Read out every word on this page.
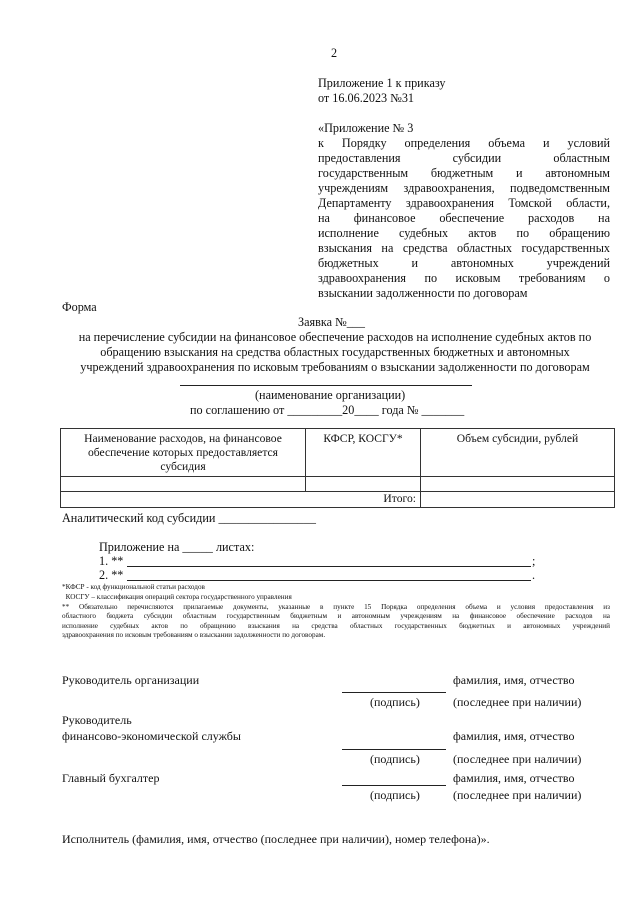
2
Приложение 1 к приказу
от 16.06.2023 №31
«Приложение № 3
к Порядку определения объема и условий
предоставления субсидии областным
государственным бюджетным и автономным
учреждениям здравоохранения, подведомственным
Департаменту здравоохранения Томской области,
на финансовое обеспечение расходов на
исполнение судебных актов по обращению
взыскания на средства областных государственных
бюджетных и автономных учреждений
здравоохранения по исковым требованиям о
взыскании задолженности по договорам
Форма
Заявка №___
на перечисление субсидии на финансовое обеспечение расходов на исполнение судебных актов по
обращению взыскания на средства областных государственных бюджетных и автономных
учреждений здравоохранения по исковым требованиям о взыскании задолженности по договорам
(наименование организации)
по соглашению от _________20____ года № _______
Наименование расходов, на финансовое обеспечение которых предоставляется субсидия	КФСР, КОСГУ*	Объем субсидии, рублей

Итого:		
Аналитический код субсидии ________________
Приложение на _____ листах:
1. **	;
2. **	.
*КФСР - код функциональной статьи расходов
КОСГУ – классификация операций сектора государственного управления
** Обязательно перечисляются прилагаемые документы, указанные в пункте 15 Порядка определения объема и условия предоставления из
областного бюджета субсидии областным государственным бюджетным и автономным учреждениям на финансовое обеспечение расходов на
исполнение судебных актов по обращению взыскания на средства областных государственных бюджетных и автономных учреждений
здравоохранения по исковым требованиям о взыскании задолженности по договорам.
Руководитель организации	фамилия, имя, отчество
(подпись)	(последнее при наличии)
Руководитель
финансово-экономической службы	фамилия, имя, отчество
(подпись)	(последнее при наличии)
Главный бухгалтер	фамилия, имя, отчество
(подпись)	(последнее при наличии)
Исполнитель (фамилия, имя, отчество (последнее при наличии), номер телефона)».
